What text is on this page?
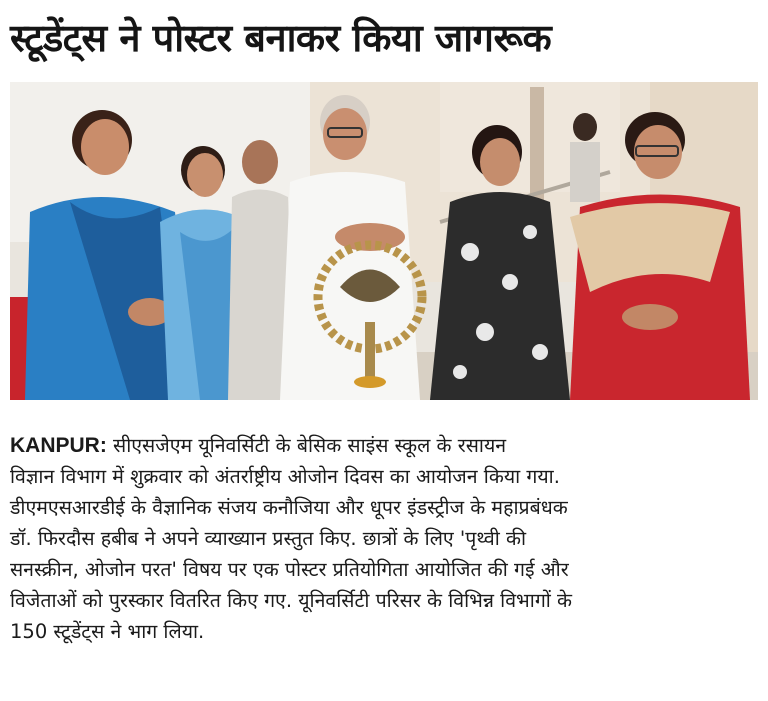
स्टूडेंट्स ने पोस्टर बनाकर किया जागरूक
KANPUR: सीएसजेएम यूनिवर्सिटी के बेसिक साइंस स्कूल के रसायन
विज्ञान विभाग में शुक्रवार को अंतर्राष्ट्रीय ओजोन दिवस का आयोजन किया गया.
डीएमएसआरडीई के वैज्ञानिक संजय कनौजिया और धूपर इंडस्ट्रीज के महाप्रबंधक
डॉ. फिरदौस हबीब ने अपने व्याख्यान प्रस्तुत किए. छात्रों के लिए 'पृथ्वी की
सनस्क्रीन, ओजोन परत' विषय पर एक पोस्टर प्रतियोगिता आयोजित की गई और
विजेताओं को पुरस्कार वितरित किए गए. यूनिवर्सिटी परिसर के विभिन्न विभागों के
150 स्टूडेंट्स ने भाग लिया.
